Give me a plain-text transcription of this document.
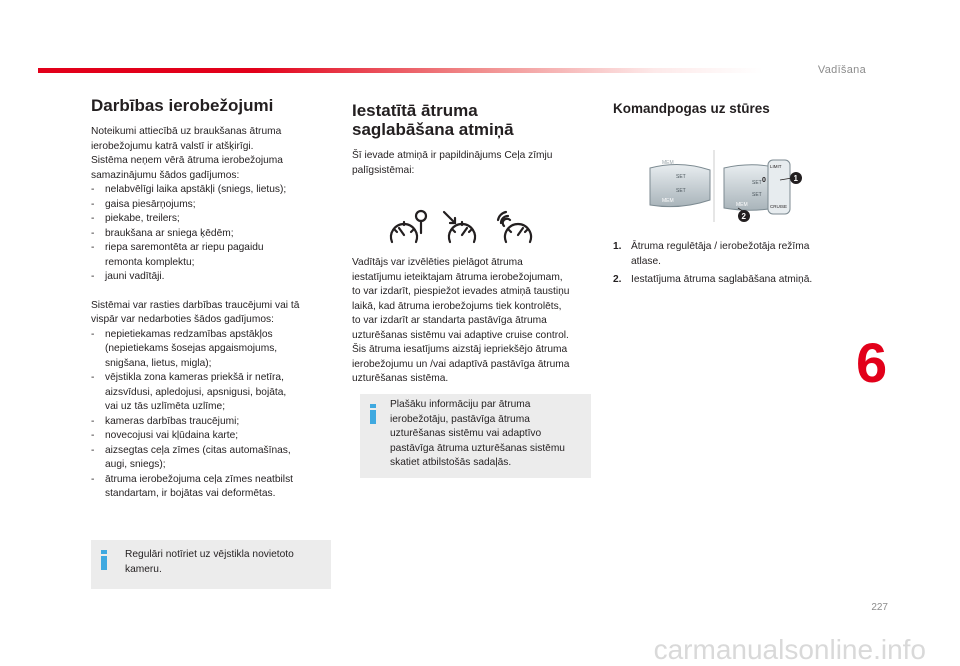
Vadīšana
Darbības ierobežojumi

Noteikumi attiecībā uz braukšanas ātruma
ierobežojumu katrā valstī ir atšķirīgi.
Sistēma neņem vērā ātruma ierobežojuma
samazinājumu šādos gadījumos:

- nelabvēlīgi laika apstākļi (sniegs, lietus);
- gaisa piesārņojums;
- piekabe, treilers;
- braukšana ar sniega ķēdēm;
- riepa saremontēta ar riepu pagaidu
remonta komplektu;
- jauni vadītāji.

Sistēmai var rasties darbības traucējumi vai tā
vispār var nedarboties šādos gadījumos:

- nepietiekamas redzamības apstākļos
(nepietiekams šosejas apgaismojums,
snigšana, lietus, migla);
- vējstikla zona kameras priekšā ir netīra,
aizsvīdusi, apledojusi, apsnigusi, bojāta,
vai uz tās uzlīmēta uzlīme;
- kameras darbības traucējumi;
- novecojusi vai kļūdaina karte;
- aizsegtas ceļa zīmes (citas automašīnas,
augi, sniegs);
- ātruma ierobežojuma ceļa zīmes neatbilst
standartam, ir bojātas vai deformētas.

Regulāri notīriet uz vējstikla novietoto
kameru.

Iestatītā ātruma
saglabāšana atmiņā

Šī ievade atmiņā ir papildinājums Ceļa zīmju
palīgsistēmai:

Vadītājs var izvēlēties pielāgot ātruma
iestatījumu ieteiktajam ātruma ierobežojumam,
to var izdarīt, piespiežot ievades atmiņā taustiņu
laikā, kad ātruma ierobežojums tiek kontrolēts,
to var izdarīt ar standarta pastāvīga ātruma
uzturēšanas sistēmu vai adaptive cruise control.
Šis ātruma iesatījums aizstāj iepriekšējo ātruma
ierobežojumu un /vai adaptīvā pastāvīga ātruma
uzturēšanas sistēma.

Plašāku informāciju par ātruma
ierobežotāju, pastāvīga ātruma
uzturēšanas sistēmu vai adaptīvo
pastāvīga ātruma uzturēšanas sistēmu
skatiet atbilstošās sadaļās.

Komandpogas uz stūres
MEM
SET
SET
MEM
LIMIT
SET
SET
0
CRUISE
MEM
1
2
1. Ātruma regulētāja / ierobežotāja režīma
atlase.
2. Iestatījuma ātruma saglabāšana atmiņā.
6
227
carmanualsonline.info
